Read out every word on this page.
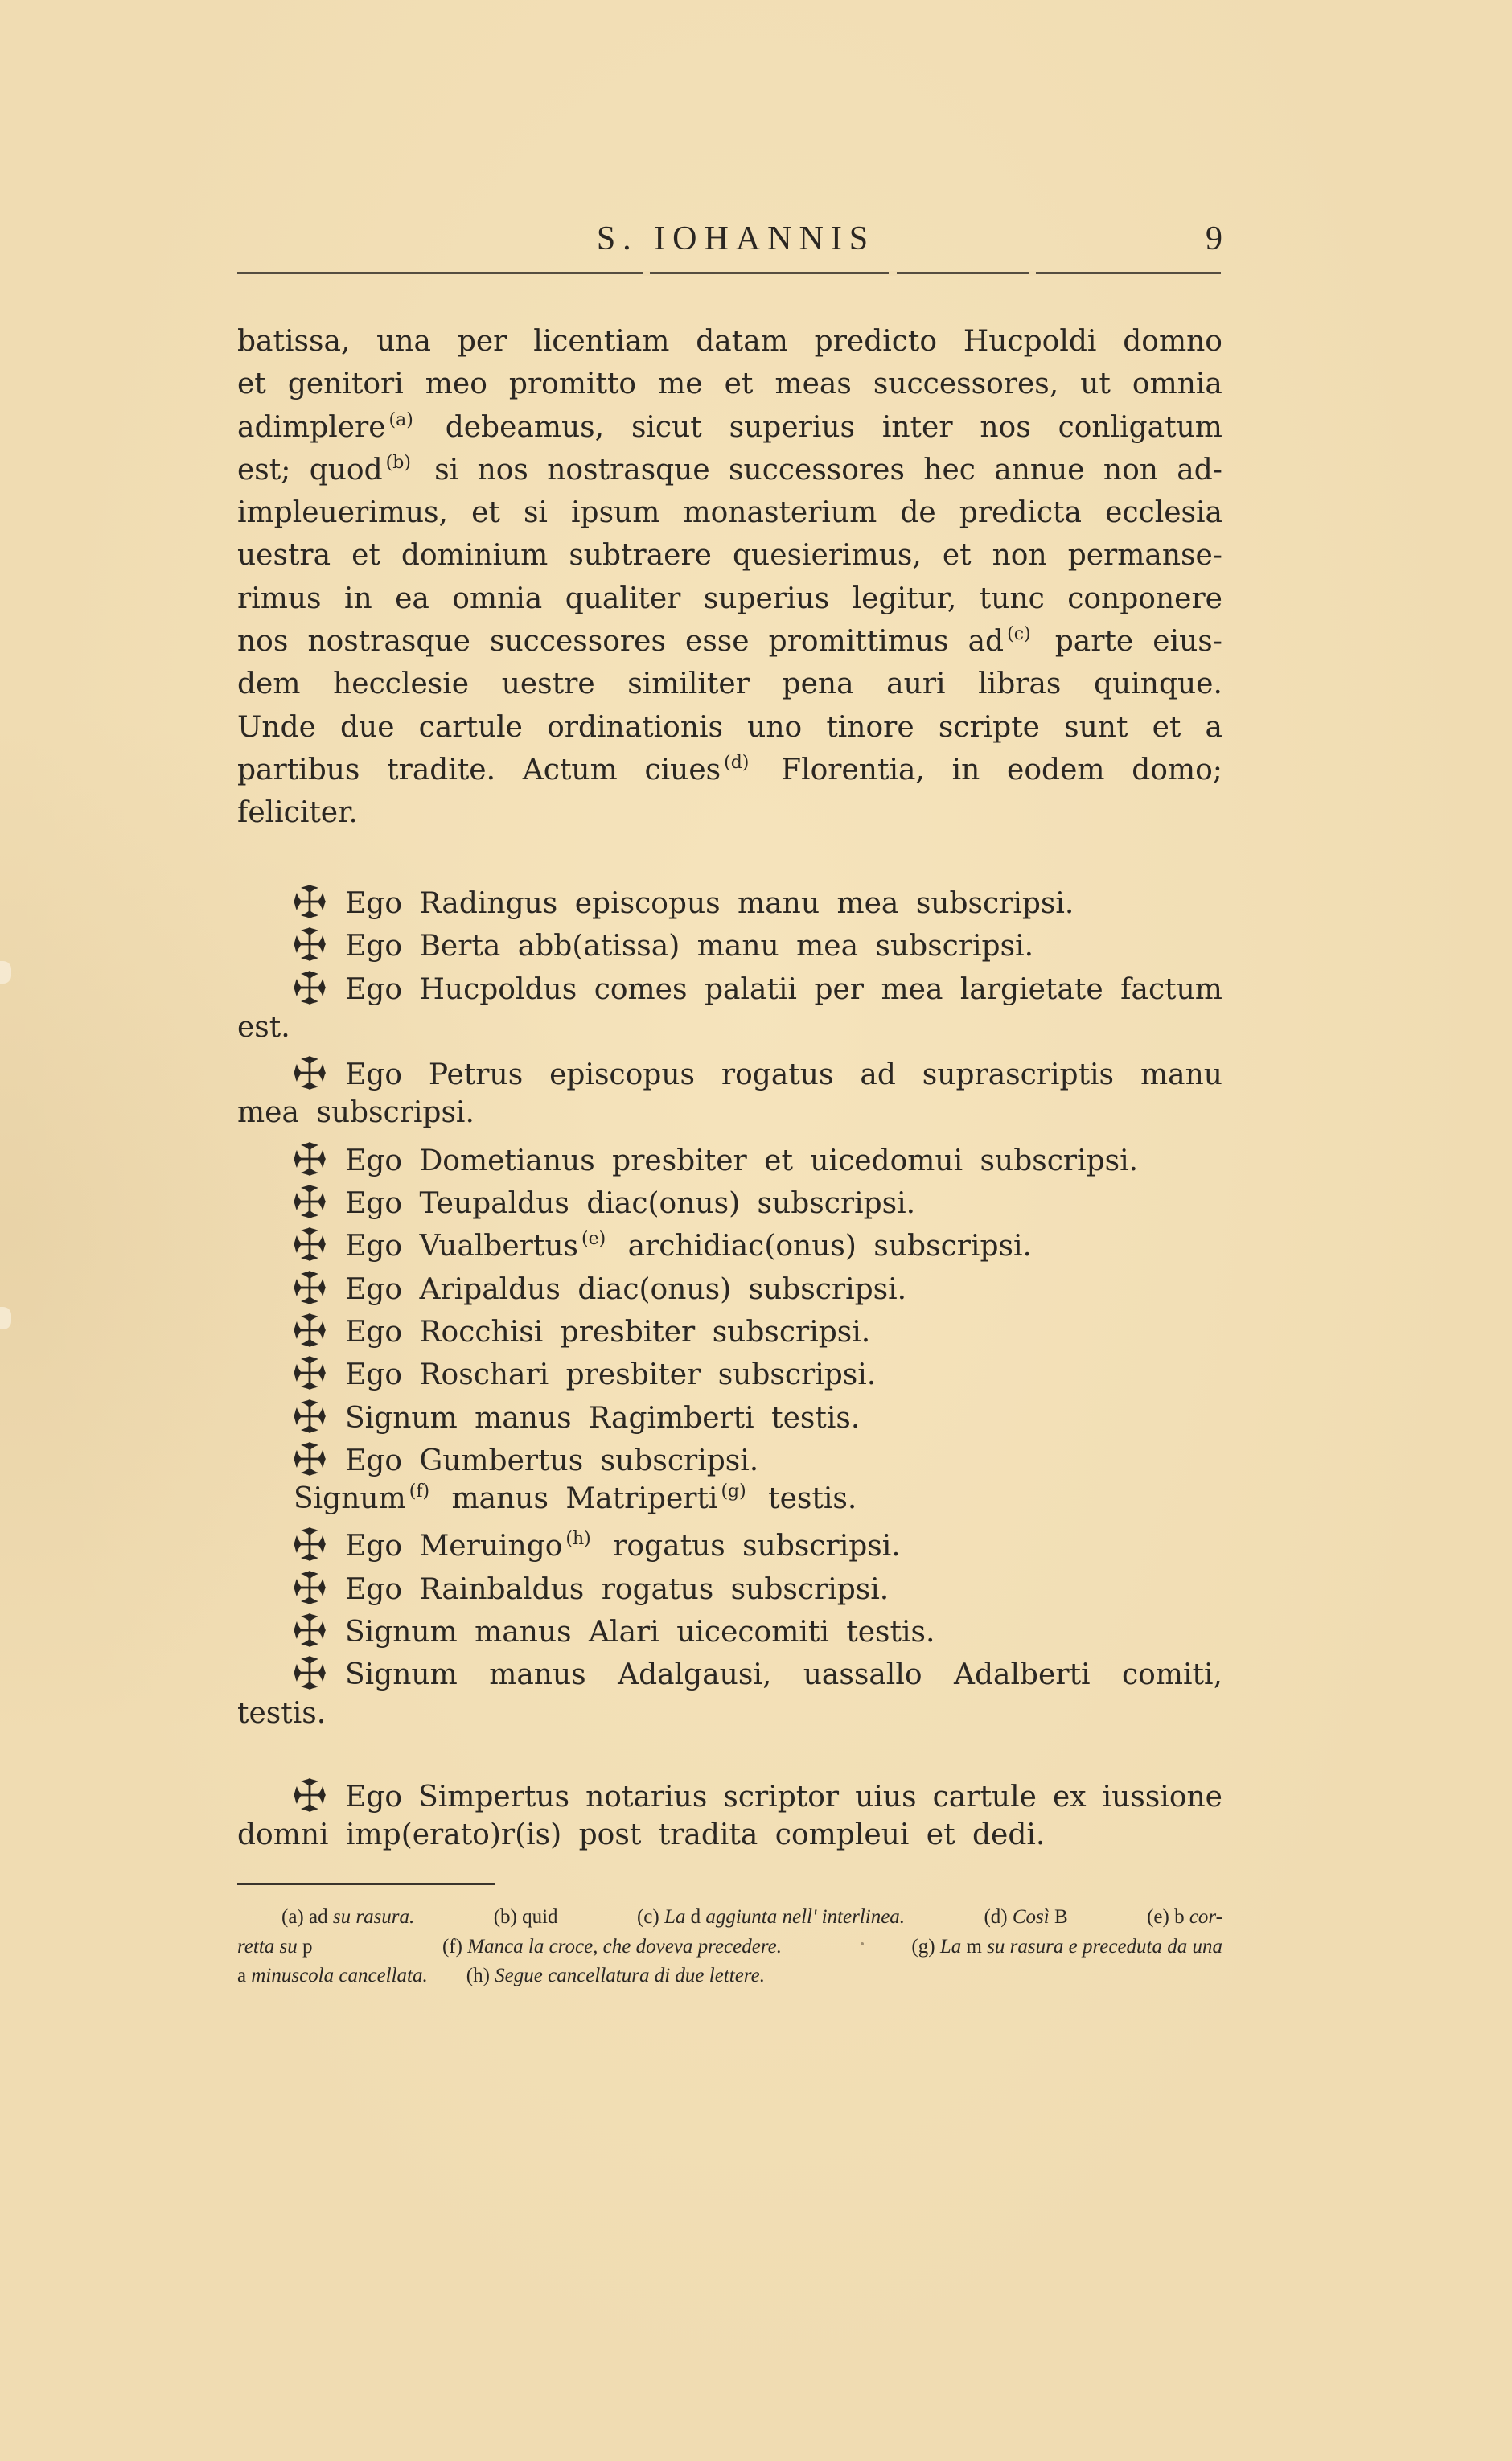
S. IOHANNIS	9
batissa, una per licentiam datam predicto Hucpoldi domno
et genitori meo promitto me et meas successores, ut omnia
adimplere $^{(a)}$ debeamus, sicut superius inter nos conligatum
est; quod $^{(b)}$ si nos nostrasque successores hec annue non ad-
impleuerimus, et si ipsum monasterium de predicta ecclesia
uestra et dominium subtraere quesierimus, et non permanse-
rimus in ea omnia qualiter superius legitur, tunc conponere
nos nostrasque successores esse promittimus ad $^{(c)}$ parte eius-
dem hecclesie uestre similiter pena auri libras quinque.
Unde due cartule ordinationis uno tinore scripte sunt et a
partibus tradite. Actum ciues $^{(d)}$ Florentia, in eodem domo;
feliciter.
Ego Radingus episcopus manu mea subscripsi.
Ego Berta abb(atissa) manu mea subscripsi.
Ego Hucpoldus comes palatii per mea largietate factum
est.
Ego Petrus episcopus rogatus ad suprascriptis manu
mea subscripsi.
Ego Dometianus presbiter et uicedomui subscripsi.
Ego Teupaldus diac(onus) subscripsi.
Ego Vualbertus $^{(e)}$ archidiac(onus) subscripsi.
Ego Aripaldus diac(onus) subscripsi.
Ego Rocchisi presbiter subscripsi.
Ego Roschari presbiter subscripsi.
Signum manus Ragimberti testis.
Ego Gumbertus subscripsi.
Signum $^{(f)}$ manus Matriperti $^{(g)}$ testis.
Ego Meruingo $^{(h)}$ rogatus subscripsi.
Ego Rainbaldus rogatus subscripsi.
Signum manus Alari uicecomiti testis.
Signum manus Adalgausi, uassallo Adalberti comiti,
testis.
Ego Simpertus notarius scriptor uius cartule ex iussione
domni imp(erato)r(is) post tradita compleui et dedi.
(a) ad su rasura.	(b) quid	(c) La d aggiunta nell' interlinea.	(d) Così B	(e) b cor-
retta su p	(f) Manca la croce, che doveva precedere.	(g) La m su rasura e preceduta da una
a minuscola cancellata. (h) Segue cancellatura di due lettere.
